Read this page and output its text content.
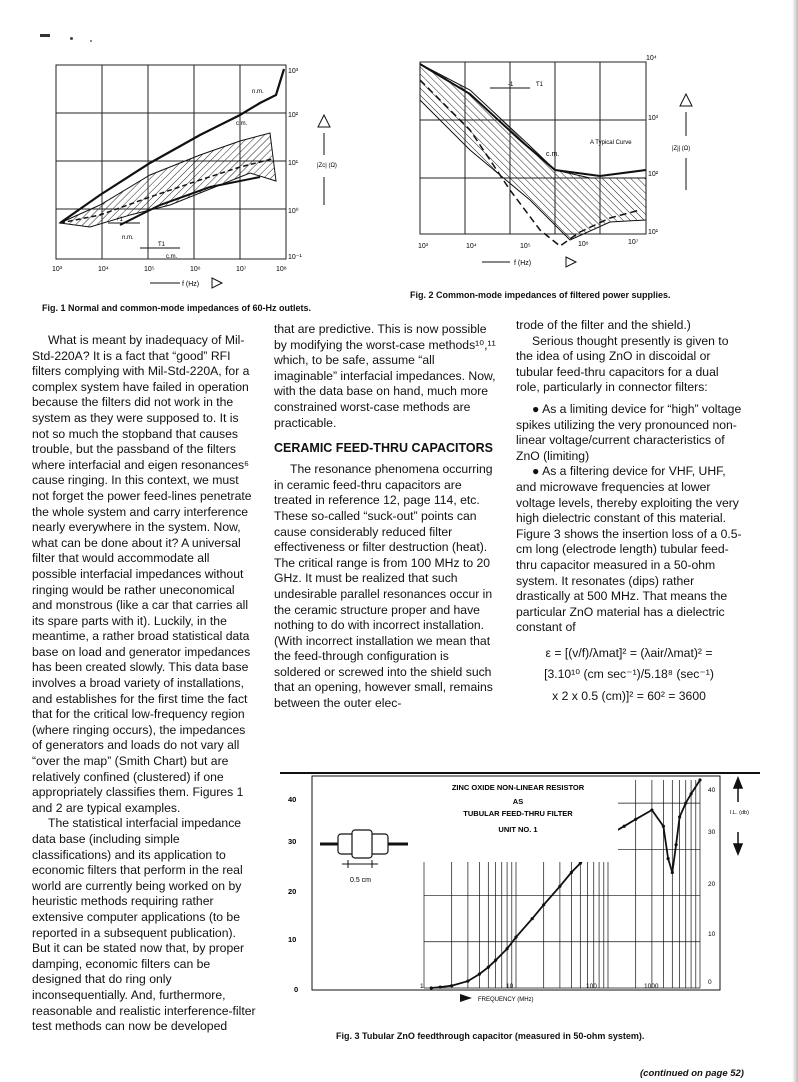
n.m.
c.m.
n.m.
c.m.
+1
Ƭ1
10³
10²
10¹
10⁰
10⁻¹
10³	10⁴	10⁵	10⁶	10⁷	10⁸
|Zc| (Ω)
f (Hz)
Fig. 1 Normal and common-mode impedances of 60-Hz outlets.
-1	Ƭ1
c.m.
A Typical Curve
10⁴
10³
10²
10¹
10³	10⁴	10⁵	10⁶	10⁷
|Zj| (Ω)
f (Hz)
Fig. 2 Common-mode impedances of filtered power supplies.

What is meant by inadequacy of Mil-Std-220A? It is a fact that “good” RFI filters complying with Mil-Std-220A, for a complex system have failed in operation because the filters did not work in the system as they were supposed to. It is not so much the stopband that causes trouble, but the passband of the filters where interfacial and eigen resonances⁶ cause ringing. In this context, we must not forget the power feed-lines penetrate the whole system and carry interference nearly everywhere in the system. Now, what can be done about it? A universal filter that would accommodate all possible interfacial impedances without ringing would be rather uneconomical and monstrous (like a car that carries all its spare parts with it). Luckily, in the meantime, a rather broad statistical data base on load and generator impedances has been created slowly. This data base involves a broad variety of installations, and establishes for the first time the fact that for the critical low-frequency region (where ringing occurs), the impedances of generators and loads do not vary all “over the map” (Smith Chart) but are relatively confined (clustered) if one appropriately classifies them. Figures 1 and 2 are typical examples.

The statistical interfacial impedance data base (including simple classifications) and its application to economic filters that perform in the real world are currently being worked on by heuristic methods requiring rather extensive computer applications (to be reported in a subsequent publication). But it can be stated now that, by proper damping, economic filters can be designed that do ring only inconsequentially. And, furthermore, reasonable and realistic interference-filter test methods can now be developed

that are predictive. This is now possible by modifying the worst-case methods¹⁰,¹¹ which, to be safe, assume “all imaginable” interfacial impedances. Now, with the data base on hand, much more constrained worst-case methods are practicable.

CERAMIC FEED-THRU CAPACITORS

The resonance phenomena occurring in ceramic feed-thru capacitors are treated in reference 12, page 114, etc. These so-called “suck-out” points can cause considerably reduced filter effectiveness or filter destruction (heat). The critical range is from 100 MHz to 20 GHz. It must be realized that such undesirable parallel resonances occur in the ceramic structure proper and have nothing to do with incorrect installation. (With incorrect installation we mean that the feed-through configuration is soldered or screwed into the shield such that an opening, however small, remains between the outer elec-

trode of the filter and the shield.)

Serious thought presently is given to the idea of using ZnO in discoidal or tubular feed-thru capacitors for a dual role, particularly in connector filters:

● As a limiting device for “high” voltage spikes utilizing the very pronounced non-linear voltage/current characteristics of ZnO (limiting)

● As a filtering device for VHF, UHF, and microwave frequencies at lower voltage levels, thereby exploiting the very high dielectric constant of this material. Figure 3 shows the insertion loss of a 0.5-cm long (electrode length) tubular feed-thru capacitor measured in a 50-ohm system. It resonates (dips) rather drastically at 500 MHz. That means the particular ZnO material has a dielectric constant of

ε = [(v/f)/λmat]² = (λair/λmat)² =

[3.10¹⁰ (cm sec⁻¹)/5.18⁸ (sec⁻¹)

x 2 x 0.5 (cm)]² = 60² = 3600

ZINC OXIDE NON-LINEAR RESISTOR
AS
TUBULAR FEED-THRU FILTER
UNIT NO. 1
0.5 cm
40
30
20
10
0
40
30
20
10
0
1	10	100	1000
FREQUENCY (MHz)
I.L. (db)
Fig. 3 Tubular ZnO feedthrough capacitor (measured in 50-ohm system).
(continued on page 52)
